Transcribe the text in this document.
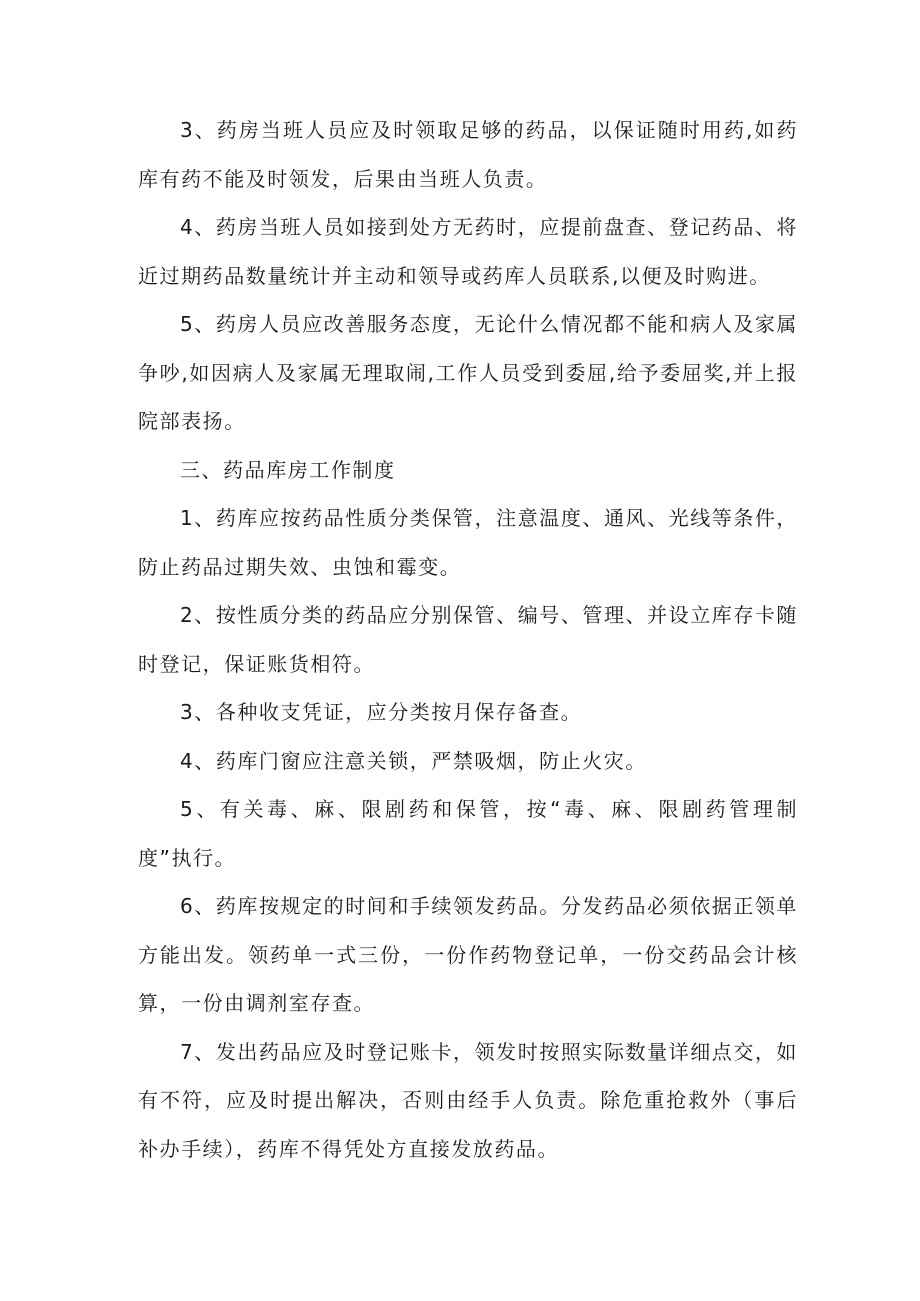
3、药房当班人员应及时领取足够的药品，以保证随时用药,如药库有药不能及时领发，后果由当班人负责。

4、药房当班人员如接到处方无药时，应提前盘查、登记药品、将近过期药品数量统计并主动和领导或药库人员联系,以便及时购进。

5、药房人员应改善服务态度，无论什么情况都不能和病人及家属争吵,如因病人及家属无理取闹,工作人员受到委屈,给予委屈奖,并上报院部表扬。

三、药品库房工作制度

1、药库应按药品性质分类保管，注意温度、通风、光线等条件，防止药品过期失效、虫蚀和霉变。

2、按性质分类的药品应分别保管、编号、管理、并设立库存卡随时登记，保证账货相符。

3、各种收支凭证，应分类按月保存备查。

4、药库门窗应注意关锁，严禁吸烟，防止火灾。

5、有关毒、麻、限剧药和保管，按“毒、麻、限剧药管理制度”执行。

6、药库按规定的时间和手续领发药品。分发药品必须依据正领单方能出发。领药单一式三份，一份作药物登记单，一份交药品会计核算，一份由调剂室存查。

7、发出药品应及时登记账卡，领发时按照实际数量详细点交，如有不符，应及时提出解决，否则由经手人负责。除危重抢救外（事后补办手续），药库不得凭处方直接发放药品。
